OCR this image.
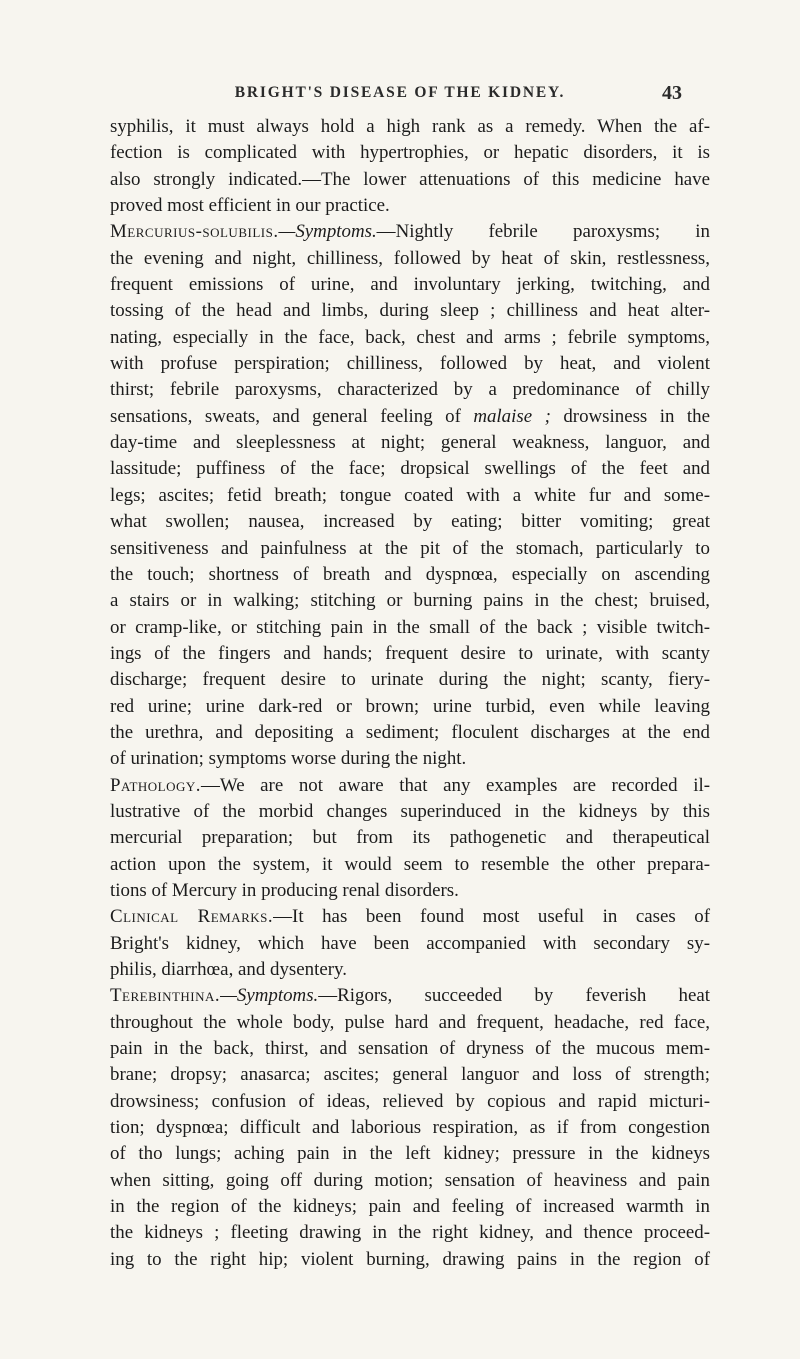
BRIGHT'S DISEASE OF THE KIDNEY.	43
syphilis, it must always hold a high rank as a remedy. When the af-
fection is complicated with hypertrophies, or hepatic disorders, it is
also strongly indicated.—The lower attenuations of this medicine have
proved most efficient in our practice.
Mercurius-solubilis.—Symptoms.—Nightly febrile paroxysms; in
the evening and night, chilliness, followed by heat of skin, restlessness,
frequent emissions of urine, and involuntary jerking, twitching, and
tossing of the head and limbs, during sleep ; chilliness and heat alter-
nating, especially in the face, back, chest and arms ; febrile symptoms,
with profuse perspiration; chilliness, followed by heat, and violent
thirst; febrile paroxysms, characterized by a predominance of chilly
sensations, sweats, and general feeling of malaise ; drowsiness in the
day-time and sleeplessness at night; general weakness, languor, and
lassitude; puffiness of the face; dropsical swellings of the feet and
legs; ascites; fetid breath; tongue coated with a white fur and some-
what swollen; nausea, increased by eating; bitter vomiting; great
sensitiveness and painfulness at the pit of the stomach, particularly to
the touch; shortness of breath and dyspnœa, especially on ascending
a stairs or in walking; stitching or burning pains in the chest; bruised,
or cramp-like, or stitching pain in the small of the back ; visible twitch-
ings of the fingers and hands; frequent desire to urinate, with scanty
discharge; frequent desire to urinate during the night; scanty, fiery-
red urine; urine dark-red or brown; urine turbid, even while leaving
the urethra, and depositing a sediment; floculent discharges at the end
of urination; symptoms worse during the night.
Pathology.—We are not aware that any examples are recorded il-
lustrative of the morbid changes superinduced in the kidneys by this
mercurial preparation; but from its pathogenetic and therapeutical
action upon the system, it would seem to resemble the other prepara-
tions of Mercury in producing renal disorders.
Clinical Remarks.—It has been found most useful in cases of
Bright's kidney, which have been accompanied with secondary sy-
philis, diarrhœa, and dysentery.
Terebinthina.—Symptoms.—Rigors, succeeded by feverish heat
throughout the whole body, pulse hard and frequent, headache, red face,
pain in the back, thirst, and sensation of dryness of the mucous mem-
brane; dropsy; anasarca; ascites; general languor and loss of strength;
drowsiness; confusion of ideas, relieved by copious and rapid micturi-
tion; dyspnœa; difficult and laborious respiration, as if from congestion
of tho lungs; aching pain in the left kidney; pressure in the kidneys
when sitting, going off during motion; sensation of heaviness and pain
in the region of the kidneys; pain and feeling of increased warmth in
the kidneys ; fleeting drawing in the right kidney, and thence proceed-
ing to the right hip; violent burning, drawing pains in the region of
